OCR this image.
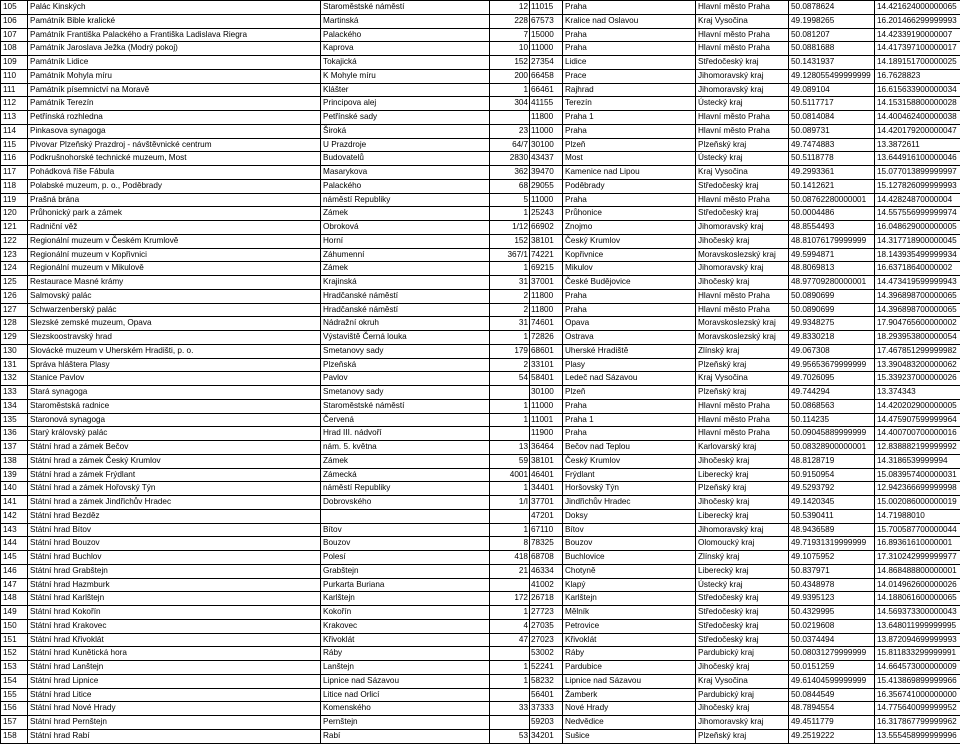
105	Palác Kinských	Staroměstské náměstí	12	11015	Praha	Hlavní město Praha	50.0878624	14.421624000000065
106	Památník Bible kralické	Martinská	228	67573	Kralice nad Oslavou	Kraj Vysočina	49.1998265	16.201466299999993
107	Památník Františka Palackého a Františka Ladislava Riegra	Palackého	7	15000	Praha	Hlavní město Praha	50.081207	14.42339190000007
108	Památník Jaroslava Ježka (Modrý pokoj)	Kaprova	10	11000	Praha	Hlavní město Praha	50.0881688	14.417397100000017
109	Památník Lidice	Tokajická	152	27354	Lidice	Středočeský kraj	50.1431937	14.189151700000025
110	Památník Mohyla míru	K Mohyle míru	200	66458	Prace	Jihomoravský kraj	49.128055499999999	16.7628823
111	Památník písemnictví na Moravě	Klášter	1	66461	Rajhrad	Jihomoravský kraj	49.089104	16.615633900000034
112	Památník Terezín	Principova alej	304	41155	Terezín	Ústecký kraj	50.5117717	14.153158800000028
113	Petřínská rozhledna	Petřínské sady		11800	Praha 1	Hlavní město Praha	50.0814084	14.400462400000038
114	Pinkasova synagoga	Široká	23	11000	Praha	Hlavní město Praha	50.089731	14.420179200000047
115	Pivovar Plzeňský Prazdroj - návštěvnické centrum	U Prazdroje	64/7	30100	Plzeň	Plzeňský kraj	49.7474883	13.3872611
116	Podkrušnohorské technické muzeum, Most	Budovatelů	2830	43437	Most	Ústecký kraj	50.5118778	13.644916100000046
117	Pohádková říše Fábula	Masarykova	362	39470	Kamenice nad Lipou	Kraj Vysočina	49.2993361	15.077013899999997
118	Polabské muzeum, p. o., Poděbrady	Palackého	68	29055	Poděbrady	Středočeský kraj	50.1412621	15.127826099999993
119	Prašná brána	náměstí Republiky	5	11000	Praha	Hlavní město Praha	50.08762280000001	14.42824870000004
120	Průhonický park a zámek	Zámek	1	25243	Průhonice	Středočeský kraj	50.0004486	14.557556999999974
121	Radniční věž	Obroková	1/12	66902	Znojmo	Jihomoravský kraj	48.8554493	16.048629000000005
122	Regionální muzeum v Českém Krumlově	Horní	152	38101	Český Krumlov	Jihočeský kraj	48.81076179999999	14.317718900000045
123	Regionální muzeum v Kopřivnici	Záhumenní	367/1	74221	Kopřivnice	Moravskoslezský kraj	49.5994871	18.143935499999934
124	Regionální muzeum v Mikulově	Zámek	1	69215	Mikulov	Jihomoravský kraj	48.8069813	16.63718640000002
125	Restaurace Masné krámy	Krajinská	31	37001	České Budějovice	Jihočeský kraj	48.97709280000001	14.473419599999943
126	Salmovský palác	Hradčanské náměstí	2	11800	Praha	Hlavní město Praha	50.0890699	14.396898700000065
127	Schwarzenberský palác	Hradčanské náměstí	2	11800	Praha	Hlavní město Praha	50.0890699	14.396898700000065
128	Slezské zemské muzeum, Opava	Nádražní okruh	31	74601	Opava	Moravskoslezský kraj	49.9348275	17.904765600000002
129	Slezskoostravský hrad	Výstaviště Černá louka	1	72826	Ostrava	Moravskoslezský kraj	49.8330218	18.293953800000054
130	Slovácké muzeum v Uherském Hradišti, p. o.	Smetanovy sady	179	68601	Uherské Hradiště	Zlínský kraj	49.067308	17.467851299999982
131	Správa hláštera Plasy	Plzeňská	2	33101	Plasy	Plzeňský kraj	49.95653679999999	13.390483200000062
132	Stanice Pavlov	Pavlov	54	58401	Ledeč nad Sázavou	Kraj Vysočina	49.7026095	15.339237000000026
133	Stará synagoga	Smetanovy sady		30100	Plzeň	Plzeňský kraj	49.744294	13.374343
134	Staroměstská radnice	Staroměstské náměstí	1	11000	Praha	Hlavní město Praha	50.0868563	14.420202900000005
135	Staronová synagoga	Červená	1	11001	Praha 1	Hlavní město Praha	50.114235	14.475907599999964
136	Starý královský palác	Hrad III. nádvoří		11900	Praha	Hlavní město Praha	50.09045889999999	14.400700700000016
137	Státní hrad a zámek Bečov	nám. 5. května	13	36464	Bečov nad Teplou	Karlovarský kraj	50.08328900000001	12.838882199999992
138	Státní hrad a zámek Český Krumlov	Zámek	59	38101	Český Krumlov	Jihočeský kraj	48.8128719	14.3186539999994
139	Státní hrad a zámek Frýdlant	Zámecká	4001	46401	Frýdlant	Liberecký kraj	50.9150954	15.083957400000031
140	Státní hrad a zámek Hořovský Týn	náměstí Republiky	1	34401	Horšovský Týn	Plzeňský kraj	49.5293792	12.942366699999998
141	Státní hrad a zámek Jindřichův Hradec	Dobrovského	1/I	37701	Jindřichův Hradec	Jihočeský kraj	49.1420345	15.002086000000019
142	Státní hrad Bezděz			47201	Doksy	Liberecký kraj	50.5390411	14.71988010
143	Státní hrad Bítov	Bítov	1	67110	Bítov	Jihomoravský kraj	48.9436589	15.700587700000044
144	Státní hrad Bouzov	Bouzov	8	78325	Bouzov	Olomoucký kraj	49.71931319999999	16.89361610000001
145	Státní hrad Buchlov	Polesí	418	68708	Buchlovice	Zlínský kraj	49.1075952	17.310242999999977
146	Státní hrad Grabštejn	Grabštejn	21	46334	Chotyně	Liberecký kraj	50.837971	14.868488800000001
147	Státní hrad Hazmburk	Purkarta Buriana		41002	Klapý	Ústecký kraj	50.4348978	14.014962600000026
148	Státní hrad Karlštejn	Karlštejn	172	26718	Karlštejn	Středočeský kraj	49.9395123	14.188061600000065
149	Státní hrad Kokořín	Kokořín	1	27723	Mělník	Středočeský kraj	50.4329995	14.569373300000043
150	Státní hrad Krakovec	Krakovec	4	27035	Petrovice	Středočeský kraj	50.0219608	13.648011999999995
151	Státní hrad Křivoklát	Křivoklát	47	27023	Křivoklát	Středočeský kraj	50.0374494	13.872094699999993
152	Státní hrad Kunětická hora	Ráby		53002	Ráby	Pardubický kraj	50.08031279999999	15.811833299999991
153	Státní hrad Lanštejn	Lanštejn	1	52241	Pardubice	Jihočeský kraj	50.0151259	14.664573000000009
154	Státní hrad Lipnice	Lipnice nad Sázavou	1	58232	Lipnice nad Sázavou	Kraj Vysočina	49.61404599999999	15.413869899999966
155	Státní hrad Litice	Litice nad Orlicí		56401	Žamberk	Pardubický kraj	50.0844549	16.356741000000000
156	Státní hrad Nové Hrady	Komenského	33	37333	Nové Hrady	Jihočeský kraj	48.7894554	14.775640099999952
157	Státní hrad Pernštejn	Pernštejn		59203	Nedvědice	Jihomoravský kraj	49.4511779	16.317867799999962
158	Státní hrad Rabí	Rabí	53	34201	Sušice	Plzeňský kraj	49.2519222	13.555458999999996
